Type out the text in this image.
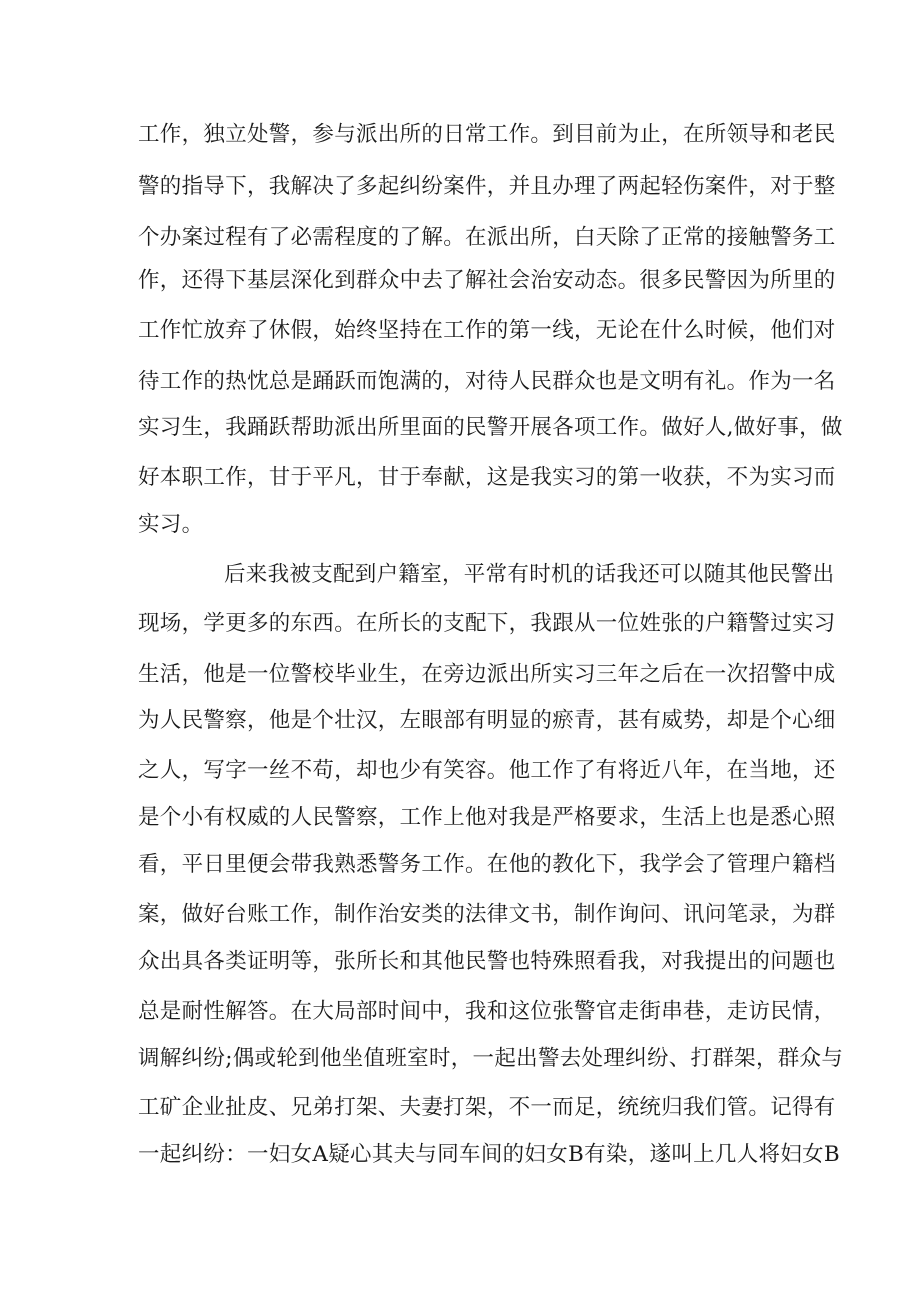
工作，独立处警，参与派出所的日常工作。到目前为止，在所领导和老民
警的指导下，我解决了多起纠纷案件，并且办理了两起轻伤案件，对于整
个办案过程有了必需程度的了解。在派出所，白天除了正常的接触警务工
作，还得下基层深化到群众中去了解社会治安动态。很多民警因为所里的
工作忙放弃了休假，始终坚持在工作的第一线，无论在什么时候，他们对
待工作的热忱总是踊跃而饱满的，对待人民群众也是文明有礼。作为一名
实习生，我踊跃帮助派出所里面的民警开展各项工作。做好人,做好事，做
好本职工作，甘于平凡，甘于奉献，这是我实习的第一收获，不为实习而
实习。
后来我被支配到户籍室，平常有时机的话我还可以随其他民警出
现场，学更多的东西。在所长的支配下，我跟从一位姓张的户籍警过实习
生活，他是一位警校毕业生，在旁边派出所实习三年之后在一次招警中成
为人民警察，他是个壮汉，左眼部有明显的瘀青，甚有威势，却是个心细
之人，写字一丝不苟，却也少有笑容。他工作了有将近八年，在当地，还
是个小有权威的人民警察，工作上他对我是严格要求，生活上也是悉心照
看，平日里便会带我熟悉警务工作。在他的教化下，我学会了管理户籍档
案，做好台账工作，制作治安类的法律文书，制作询问、讯问笔录，为群
众出具各类证明等，张所长和其他民警也特殊照看我，对我提出的问题也
总是耐性解答。在大局部时间中，我和这位张警官走街串巷，走访民情，
调解纠纷;偶或轮到他坐值班室时，一起出警去处理纠纷、打群架，群众与
工矿企业扯皮、兄弟打架、夫妻打架，不一而足，统统归我们管。记得有
一起纠纷：一妇女A疑心其夫与同车间的妇女B有染，遂叫上几人将妇女B
